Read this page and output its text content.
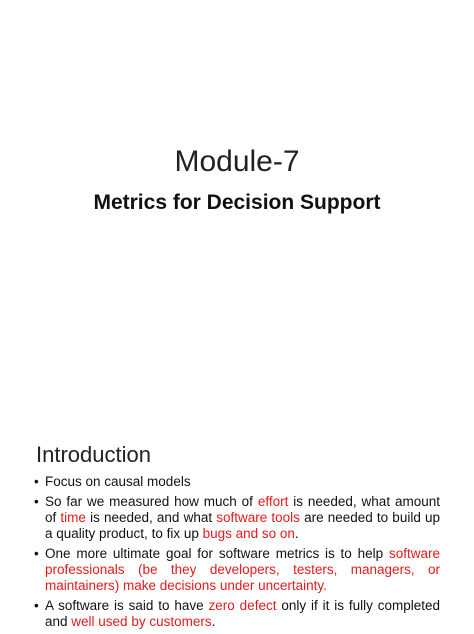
Module-7
Metrics for Decision Support
Introduction
• Focus on causal models
• So far we measured how much of effort is needed, what amount of time is needed, and what software tools are needed to build up a quality product, to fix up bugs and so on.
• One more ultimate goal for software metrics is to help software professionals (be they developers, testers, managers, or maintainers) make decisions under uncertainty.
• A software is said to have zero defect only if it is fully completed and well used by customers.
